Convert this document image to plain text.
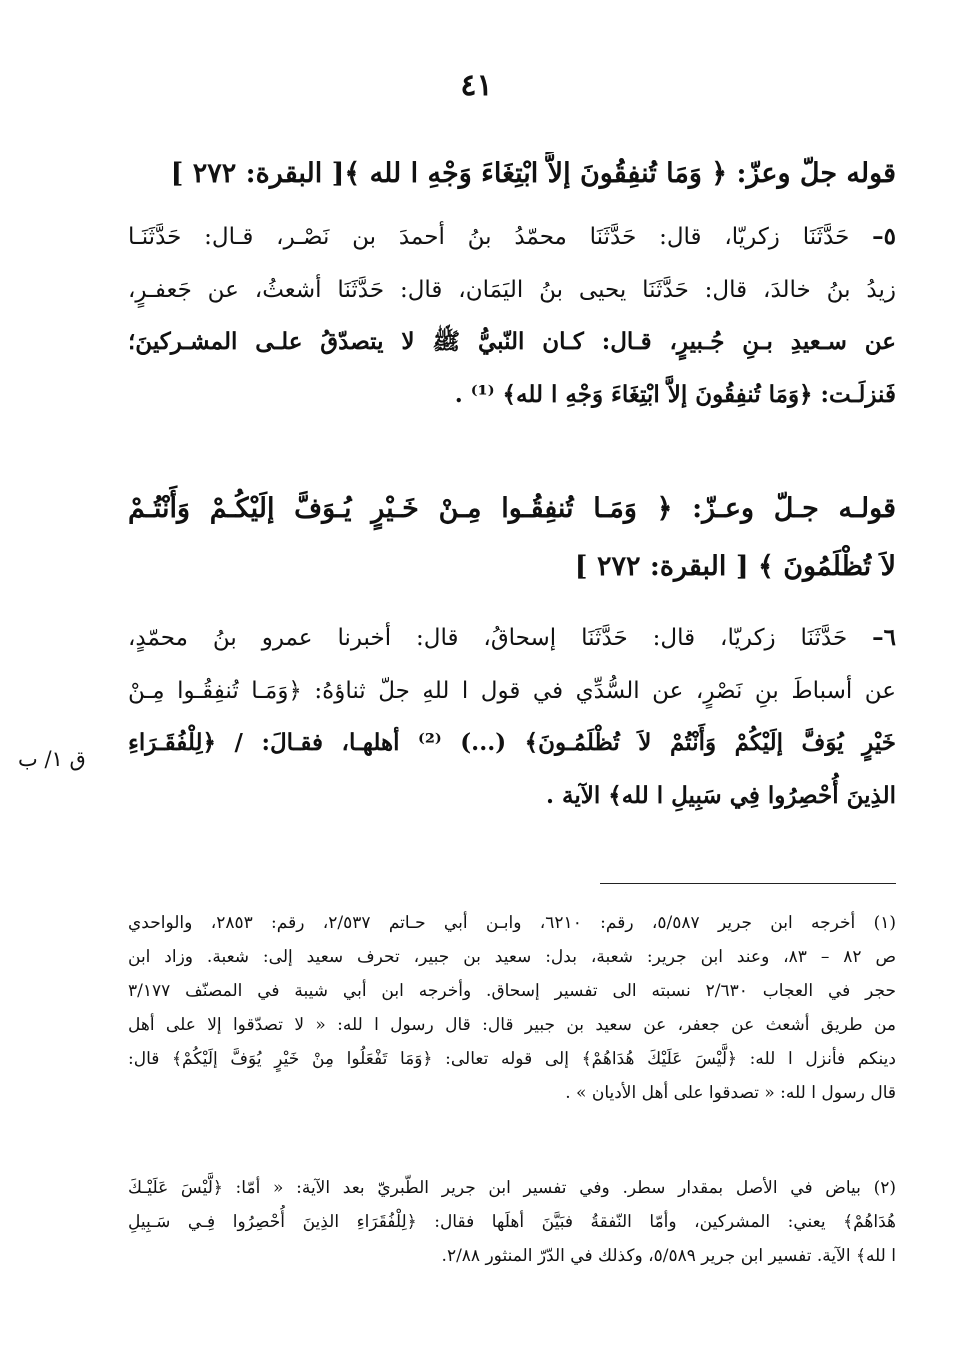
٤١
قوله جلّ وعزّ: ﴿ وَمَا تُنفِقُونَ إلاَّ ابْتِغَاءَ وَجْهِ ا لله ﴾[ البقرة: ٢٧٢ ]
٥– حَدَّثَنَا زكريّا، قال: حَدَّثَنَا محمّدُ بنُ أحمدَ بن نَصْـر، قـال: حَدَّثَنَـا
زيدُ بنُ خالدَ، قال: حَدَّثَنَا يحيى بنُ اليَمَان، قال: حَدَّثَنَا أشعثُ، عن جَعفـرٍ،
عن سـعيدِ بـنِ جُـبيرٍ، قـال: كـان النّبيُّ ﷺ لا يتصدّقُ علـى المشـركينَ؛
فَنزلَـت: ﴿وَمَا تُنفِقُونَ إلاَّ ابْتِغَاءَ وَجْهِ ا لله﴾ ⁽¹⁾ .
قولـه جـلّ وعـزّ: ﴿ وَمَـا تُنفِقُـوا مِـنْ خَـيْرٍ يُـوَفَّ إلَيْكُـمْ وَأَنْتُـمْ
لاَ تُظْلَمُونَ ﴾ [ البقرة: ٢٧٢ ]
٦– حَدَّثَنَا زكريّا، قال: حَدَّثَنَا إسحاقُ، قال: أخبرنا عمرو بنُ محمّدٍ،
عن أسباطَ بنِ نَصْرٍ، عن السُّدِّي في قول ا للهِ جلّ ثناؤهُ: ﴿وَمَـا تُنفِقُـوا مِـنْ
خَيْرٍ يُوَفَّ إلَيْكُمْ وَأَنْتُمْ لاَ تُظْلَمُـونَ﴾ (...) ⁽²⁾ أهلهـا، فقـالَ: / ﴿لِلْفُقَـرَاءِ
الذِينَ أُحْصِرُوا فِي سَبِيلِ ا لله﴾ الآية .
ق ١/ ب
(١) أخرجه ابن جرير ٥/٥٨٧، رقم: ٦٢١٠، وابـن أبي حـاتم ٢/٥٣٧، رقم: ٢٨٥٣، والواحدي
ص ٨٢ – ٨٣، وعند ابن جرير: شعبة، بدل: سعيد بن جبير، تحرف سعيد إلى: شعبة. وزاد ابن
حجر في العجاب ٢/٦٣٠ نسبته الى تفسير إسحاق. وأخرجه ابن أبي شيبة في المصنّف ٣/١٧٧
من طريق أشعث عن جعفر، عن سعيد بن جبير قال: قال رسول ا لله: « لا تصدّقوا إلا على أهل
دينكم فأنزل ا لله: ﴿لَّيْسَ عَلَيْكَ هُدَاهُمْ﴾ إلى قوله تعالى: ﴿وَمَا تَفْعَلُوا مِنْ خَيْرٍ يُوَفَّ إلَيْكُمْ﴾ قال:
قال رسول ا لله: « تصدقوا على أهل الأديان » .
(٢) بياض في الأصل بمقدار سطر. وفي تفسير ابن جرير الطّبريّ بعد الآية: « أمّا: ﴿لَّيْسَ عَلَيْـكَ
هُدَاهُمْ﴾ يعني: المشركين، وأمّا النّفقةُ فبَيَّنَ أهلَها فقال: ﴿لِلْفُقَرَاءِ الذِينَ أُحْصِرُوا فِـي سَـبِيلِ
ا لله﴾ الآية. تفسير ابن جرير ٥/٥٨٩، وكذلك في الدّرّ المنثور ٢/٨٨.
